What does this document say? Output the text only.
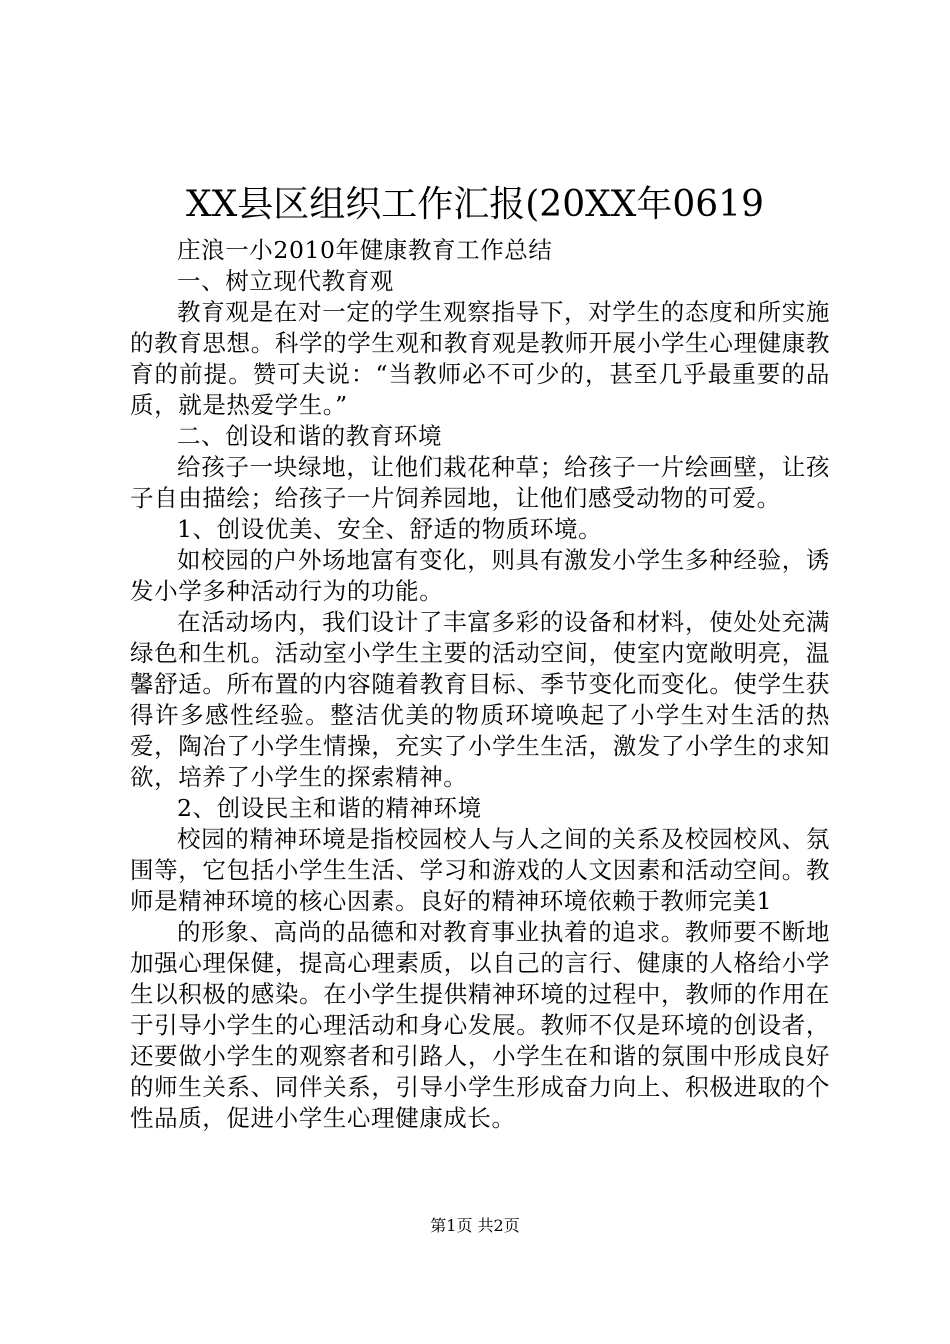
XX县区组织工作汇报(20XX年0619

庄浪一小2010年健康教育工作总结

一、树立现代教育观

教育观是在对一定的学生观察指导下，对学生的态度和所实施的教育思想。科学的学生观和教育观是教师开展小学生心理健康教育的前提。赞可夫说：“当教师必不可少的，甚至几乎最重要的品质，就是热爱学生。”

二、创设和谐的教育环境

给孩子一块绿地，让他们栽花种草；给孩子一片绘画壁，让孩子自由描绘；给孩子一片饲养园地，让他们感受动物的可爱。

1、创设优美、安全、舒适的物质环境。

如校园的户外场地富有变化，则具有激发小学生多种经验，诱发小学多种活动行为的功能。

在活动场内，我们设计了丰富多彩的设备和材料，使处处充满绿色和生机。活动室小学生主要的活动空间，使室内宽敞明亮，温馨舒适。所布置的内容随着教育目标、季节变化而变化。使学生获得许多感性经验。整洁优美的物质环境唤起了小学生对生活的热爱，陶冶了小学生情操，充实了小学生生活，激发了小学生的求知欲，培养了小学生的探索精神。

2、创设民主和谐的精神环境

校园的精神环境是指校园校人与人之间的关系及校园校风、氛围等，它包括小学生生活、学习和游戏的人文因素和活动空间。教师是精神环境的核心因素。良好的精神环境依赖于教师完美1

的形象、高尚的品德和对教育事业执着的追求。教师要不断地加强心理保健，提高心理素质，以自己的言行、健康的人格给小学生以积极的感染。在小学生提供精神环境的过程中，教师的作用在于引导小学生的心理活动和身心发展。教师不仅是环境的创设者，还要做小学生的观察者和引路人，小学生在和谐的氛围中形成良好的师生关系、同伴关系，引导小学生形成奋力向上、积极进取的个性品质，促进小学生心理健康成长。

第1页 共2页
